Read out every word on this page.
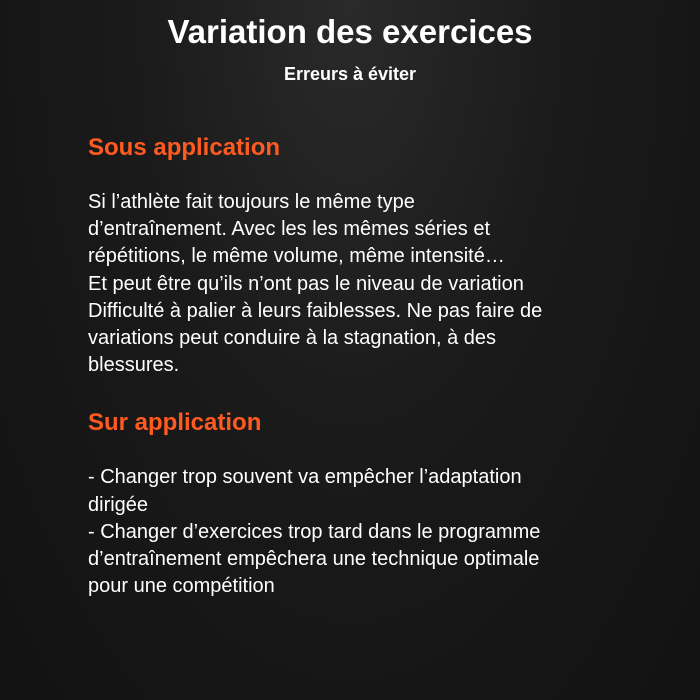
Variation des exercices
Erreurs à éviter
Sous application
Si l’athlète fait toujours le même type
d’entraînement. Avec les les mêmes séries et
répétitions, le même volume, même intensité…
Et peut être qu’ils n’ont pas le niveau de variation
Difficulté à palier à leurs faiblesses. Ne pas faire de
variations peut conduire à la stagnation, à des
blessures.
Sur application
- Changer trop souvent va empêcher l’adaptation
dirigée
- Changer d’exercices trop tard dans le programme
d’entraînement empêchera une technique optimale
pour une compétition
